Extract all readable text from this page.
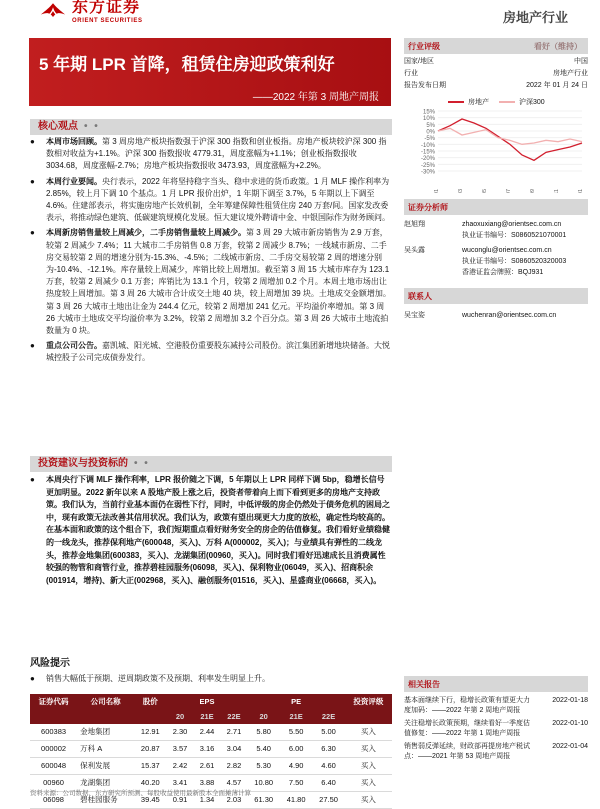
东方证券
ORIENT SECURITIES	房地产行业
5 年期 LPR 首降，租赁住房迎政策利好
——2022 年第 3 周地产周报
核心观点 • •
● 本周市场回顾。第 3 周房地产板块指数强于沪深 300 指数和创业板指。房地产板块较沪深 300 指数相对收益为+1.1%。沪深 300 指数报收 4779.31，周度涨幅为+1.1%；创业板指数报收 3034.68，周度涨幅-2.7%；房地产板块指数报收 3473.93，周度涨幅为+2.2%。
● 本周行业要闻。央行表示，2022 年将坚持稳字当头、稳中求进的货币政策。1 月 MLF 操作利率为 2.85%，较上月下调 10 个基点。1 月 LPR 报价出炉，1 年期下调至 3.7%，5 年期以上下调至 4.6%。住建部表示，将实施房地产长效机制，全年筹建保障性租赁住房 240 万套/间。国家发改委表示，将推动绿色建筑、低碳建筑规模化发展。恒大建议境外聘请中金、中银国际作为财务顾问。
● 本周新房销售量较上周减少，二手房销售量较上周减少。第 3 周 29 大城市新房销售为 2.9 万套，较第 2 周减少 7.4%；11 大城市二手房销售 0.8 万套，较第 2 周减少 8.7%；一线城市新房、二手房交易较第 2 周的增速分别为-15.3%、-4.5%；二线城市新房、二手房交易较第 2 周的增速分别为-10.4%、-12.1%。库存量较上周减少，库销比较上周增加。截至第 3 周 15 大城市库存为 123.1 万套，较第 2 周减少 0.1 万套；库销比为 13.1 个月，较第 2 周增加 0.2 个月。本周土地市场出让热度较上周增加。第 3 周 26 大城市合计成交土地 40 块，较上周增加 39 块。土地成交金额增加。第 3 周 26 大城市土地出让金为 244.4 亿元，较第 2 周增加 241 亿元。平均溢价率增加。第 3 周 26 大城市土地成交平均溢价率为 3.2%，较第 2 周增加 3.2 个百分点。第 3 周 26 大城市土地流拍数量为 0 块。
● 重点公司公告。嘉凯城、阳光城、空港股份重要股东减持公司股份。滨江集团新增地块储备。大悦城控股子公司完成债券发行。
投资建议与投资标的 • •
● 本周央行下调 MLF 操作利率，LPR 报价随之下调，5 年期以上 LPR 同样下调 5bp，稳增长信号更加明显。2022 新年以来 A 股地产股上涨之后，投资者带着向上而下看到更多的房地产支持政策。我们认为，当前行业基本面仍在弱性下行，同时，中低评级的房企仍然处于债务危机的困局之中，现有政策无法改善其信用状况。我们认为，政策有望出现更大力度的放松，确定性均较高的。在基本面和政策的这个组合下，我们短期重点看好财务安全的房企的估值修复。我们看好业绩稳健的一线龙头，推荐保利地产(600048，买入)、万科 A(000002，买入)；与业绩具有弹性的二线龙头，推荐金地集团(600383，买入)、龙湖集团(00960，买入)。同时我们看好迅速成长且消费属性较强的物管和商管行业，推荐碧桂园服务(06098，买入)、保利物业(06049，买入)、招商积余(001914，增持)、新大正(002968，买入)、融创服务(01516，买入)、星盛商业(06668，买入)。
风险提示
● 销售大幅低于预期、逆周期政策不及预期、利率发生明显上升。
证券代码	公司名称	股价	EPS			PE			投资评级
			20	21E	22E	20	21E	22E	
600383	金地集团	12.91	2.30	2.44	2.71	5.80	5.50	5.00	买入
000002	万科 A	20.87	3.57	3.16	3.04	5.40	6.00	6.30	买入
600048	保利发展	15.37	2.42	2.61	2.82	5.30	4.90	4.60	买入
00960	龙湖集团	40.20	3.41	3.88	4.57	10.80	7.50	6.40	买入
06098	碧桂园服务	39.45	0.91	1.34	2.03	61.30	41.80	27.50	买入
资料来源：公司数据、东方研究所预测、每股收益使用最新股本全面摊薄计算
行业评级	看好（维持）
国家/地区	中国
行业	房地产行业
报告发布日期	2022 年 01 月 24 日
房地产	沪深300
15%
10%
5%
0%
-5%
-10%
-15%
-20%
-25%
-30%
证券分析师
赵旭翔	zhaoxuxiang@orientsec.com.cn
执业证书编号：S0860521070001
吴头露	wuconglu@orientsec.com.cn
执业证书编号：S0860520320003
香港证监会牌照：BQJ931
联系人
吴宝姿	wuchenran@orientsec.com.cn
相关报告
基本面继续下行，稳增长政策有望更大力度加码：——2022 年第 2 周地产周报
2022-01-18
关注稳增长政策预期，继续看好一季度估值修复：——2022 年第 1 周地产周报
2022-01-10
销售弱反弹延续，财政部再提房地产税试点：——2021 年第 53 周地产周报
2022-01-04
